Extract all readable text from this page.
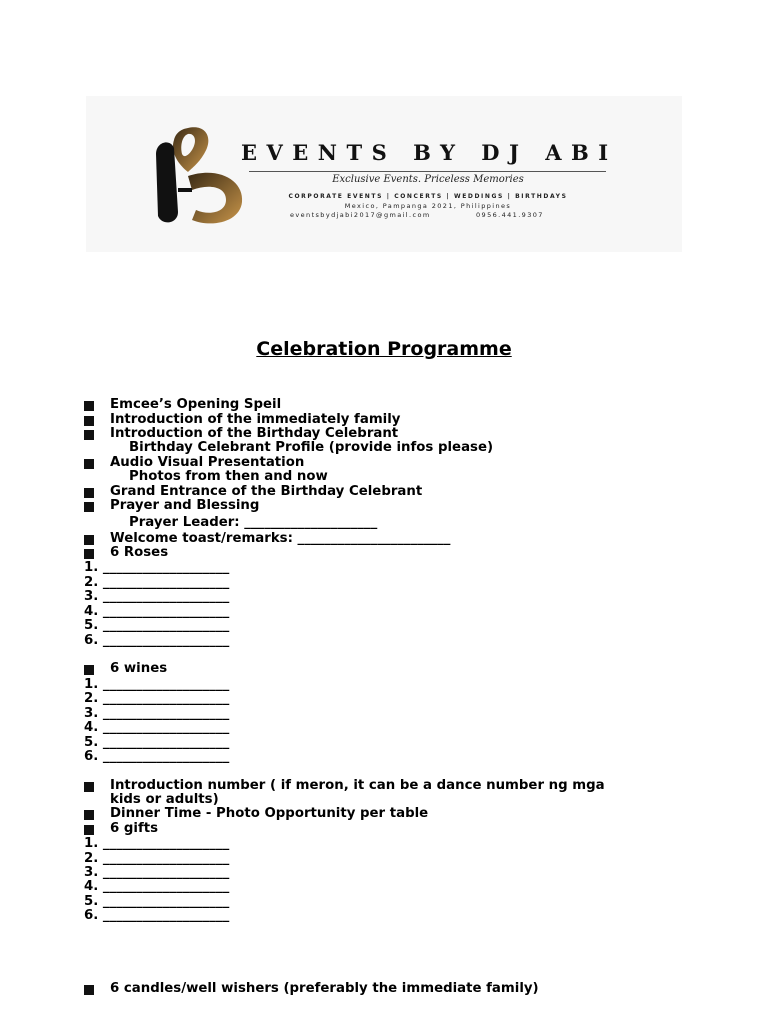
EVENTS BY DJ ABI
Exclusive Events. Priceless Memories
CORPORATE EVENTS | CONCERTS | WEDDINGS | BIRTHDAYS
Mexico, Pampanga 2021, Philippines
eventsbydjabi2017@gmail.com	0956.441.9307
Celebration Programme
Emcee’s Opening Speil
Introduction of the immediately family
Introduction of the Birthday Celebrant
Birthday Celebrant Profile (provide infos please)
Audio Visual Presentation
Photos from then and now
Grand Entrance of the Birthday Celebrant
Prayer and Blessing
Prayer Leader: ____________________
Welcome toast/remarks: _______________________
6 Roses
1. ___________________
2. ___________________
3. ___________________
4. ___________________
5. ___________________
6. ___________________
6 wines
1. ___________________
2. ___________________
3. ___________________
4. ___________________
5. ___________________
6. ___________________
Introduction number ( if meron, it can be a dance number ng mga
kids or adults)
Dinner Time - Photo Opportunity per table
6 gifts
1. ___________________
2. ___________________
3. ___________________
4. ___________________
5. ___________________
6. ___________________
6 candles/well wishers (preferably the immediate family)
